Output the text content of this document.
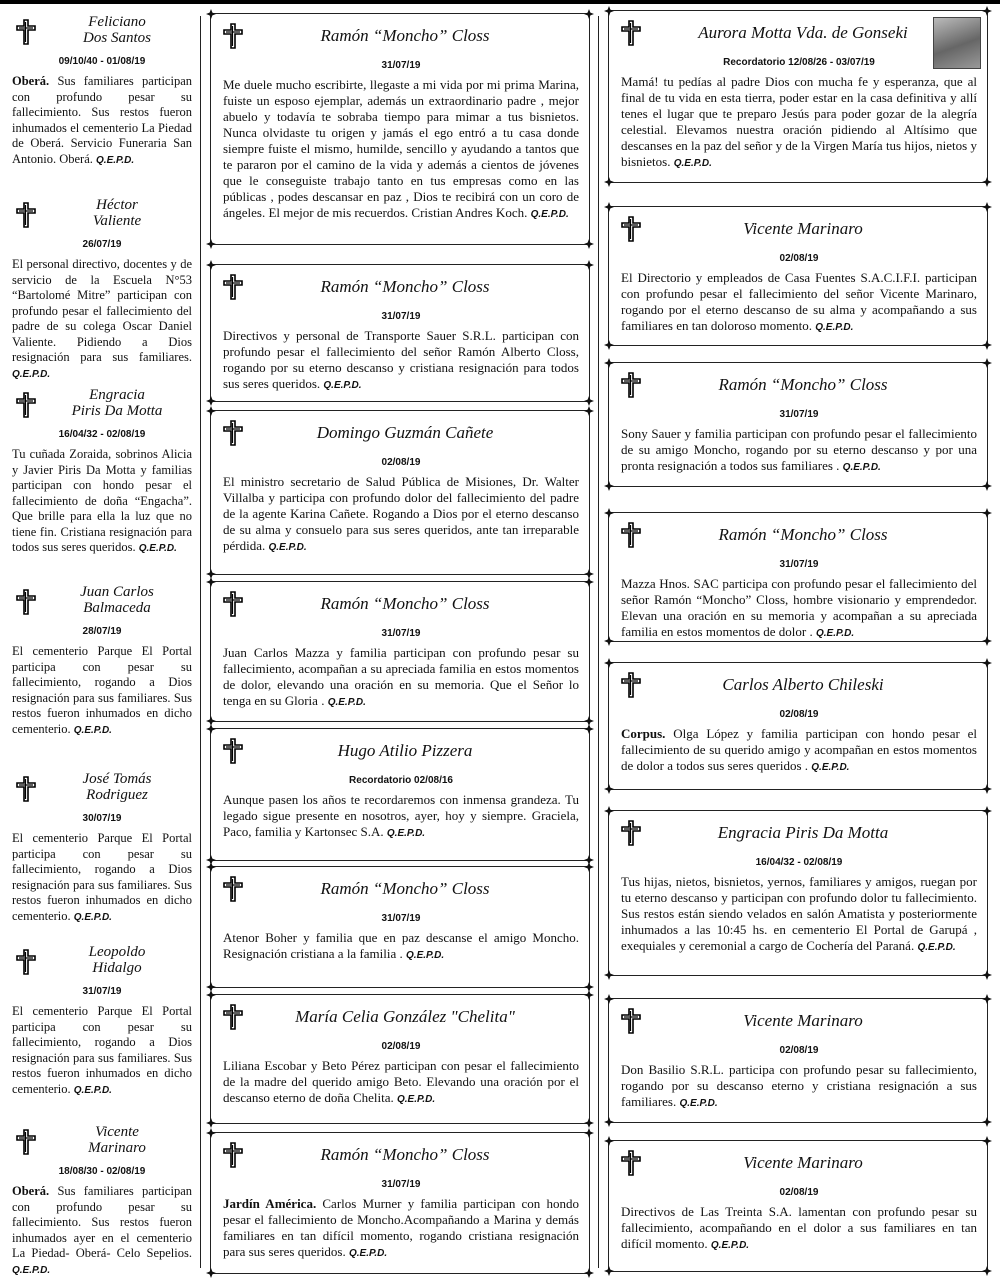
Feliciano
Dos Santos
09/10/40 - 01/08/19
Oberá. Sus familiares participan con profundo pesar su fallecimiento. Sus restos fueron inhumados el cementerio La Piedad de Oberá. Servicio Funeraria San Antonio. Oberá. Q.E.P.D.
Héctor
Valiente
26/07/19
El personal directivo, docentes y de servicio de la Escuela N°53 “Bartolomé Mitre” participan con profundo pesar el fallecimiento del padre de su colega Oscar Daniel Valiente. Pidiendo a Dios resignación para sus familiares. Q.E.P.D.
Engracia
Piris Da Motta
16/04/32 - 02/08/19
Tu cuñada Zoraida, sobrinos Alicia y Javier Piris Da Motta y familias participan con hondo pesar el fallecimiento de doña “Engacha”. Que brille para ella la luz que no tiene fin. Cristiana resignación para todos sus seres queridos. Q.E.P.D.
Juan Carlos
Balmaceda
28/07/19
El cementerio Parque El Portal participa con pesar su fallecimiento, rogando a Dios resignación para sus familiares. Sus restos fueron inhumados en dicho cementerio. Q.E.P.D.
José Tomás
Rodriguez
30/07/19
El cementerio Parque El Portal participa con pesar su fallecimiento, rogando a Dios resignación para sus familiares. Sus restos fueron inhumados en dicho cementerio. Q.E.P.D.
Leopoldo
Hidalgo
31/07/19
El cementerio Parque El Portal participa con pesar su fallecimiento, rogando a Dios resignación para sus familiares. Sus restos fueron inhumados en dicho cementerio. Q.E.P.D.
Vicente
Marinaro
18/08/30 - 02/08/19
Oberá. Sus familiares participan con profundo pesar su fallecimiento. Sus restos fueron inhumados ayer en el cementerio La Piedad- Oberá- Celo Sepelios. Q.E.P.D.
Ramón “Moncho” Closs
31/07/19
Me duele mucho escribirte, llegaste a mi vida por mi prima Marina, fuiste un esposo ejemplar, además un extraordinario padre , mejor abuelo y todavía te sobraba tiempo para mimar a tus bisnietos. Nunca olvidaste tu origen y jamás el ego entró a tu casa donde siempre fuiste el mismo, humilde, sencillo y ayudando a tantos que te pararon por el camino de la vida y además a cientos de jóvenes que le conseguiste trabajo tanto en tus empresas como en las públicas , podes descansar en paz , Dios te recibirá con un coro de ángeles. El mejor de mis recuerdos. Cristian Andres Koch. Q.E.P.D.
Ramón “Moncho” Closs
31/07/19
Directivos y personal de Transporte Sauer S.R.L. participan con profundo pesar el fallecimiento del señor Ramón Alberto Closs, rogando por su eterno descanso y cristiana resignación para todos sus seres queridos. Q.E.P.D.
Domingo Guzmán Cañete
02/08/19
El ministro secretario de Salud Pública de Misiones, Dr. Walter Villalba y participa con profundo dolor del fallecimiento del padre de la agente Karina Cañete. Rogando a Dios por el eterno descanso de su alma y consuelo para sus seres queridos, ante tan irreparable pérdida. Q.E.P.D.
Ramón “Moncho” Closs
31/07/19
Juan Carlos Mazza y familia participan con profundo pesar su fallecimiento, acompañan a su apreciada familia en estos momentos de dolor, elevando una oración en su memoria. Que el Señor lo tenga en su Gloria . Q.E.P.D.
Hugo Atilio Pizzera
Recordatorio 02/08/16
Aunque pasen los años te recordaremos con inmensa grandeza. Tu legado sigue presente en nosotros, ayer, hoy y siempre. Graciela, Paco, familia y Kartonsec S.A. Q.E.P.D.
Ramón “Moncho” Closs
31/07/19
Atenor Boher y familia que en paz descanse el amigo Moncho. Resignación cristiana a la familia . Q.E.P.D.
María Celia González "Chelita"
02/08/19
Liliana Escobar y Beto Pérez participan con pesar el fallecimiento de la madre del querido amigo Beto. Elevando una oración por el descanso eterno de doña Chelita. Q.E.P.D.
Ramón “Moncho” Closs
31/07/19
Jardín América. Carlos Murner y familia participan con hondo pesar el fallecimiento de Moncho.Acompañando a Marina y demás familiares en tan difícil momento, rogando cristiana resignación para sus seres queridos. Q.E.P.D.
Aurora Motta Vda. de Gonseki
Recordatorio 12/08/26 - 03/07/19
Mamá! tu pedías al padre Dios con mucha fe y esperanza, que al final de tu vida en esta tierra, poder estar en la casa definitiva y allí tenes el lugar que te preparo Jesús para poder gozar de la alegría celestial. Elevamos nuestra oración pidiendo al Altísimo que descanses en la paz del señor y de la Virgen María tus hijos, nietos y bisnietos. Q.E.P.D.
Vicente Marinaro
02/08/19
El Directorio y empleados de Casa Fuentes S.A.C.I.F.I. participan con profundo pesar el fallecimiento del señor Vicente Marinaro, rogando por el eterno descanso de su alma y acompañando a sus familiares en tan doloroso momento. Q.E.P.D.
Ramón “Moncho” Closs
31/07/19
Sony Sauer y familia participan con profundo pesar el fallecimiento de su amigo Moncho, rogando por su eterno descanso y por una pronta resignación a todos sus familiares . Q.E.P.D.
Ramón “Moncho” Closs
31/07/19
Mazza Hnos. SAC participa con profundo pesar el fallecimiento del señor Ramón “Moncho” Closs, hombre visionario y emprendedor. Elevan una oración en su memoria y acompañan a su apreciada familia en estos momentos de dolor . Q.E.P.D.
Carlos Alberto Chileski
02/08/19
Corpus. Olga López y familia participan con hondo pesar el fallecimiento de su querido amigo y acompañan en estos momentos de dolor a todos sus seres queridos . Q.E.P.D.
Engracia Piris Da Motta
16/04/32 - 02/08/19
Tus hijas, nietos, bisnietos, yernos, familiares y amigos, ruegan por tu eterno descanso y participan con profundo dolor tu fallecimiento. Sus restos están siendo velados en salón Amatista y posteriormente inhumados a las 10:45 hs. en cementerio El Portal de Garupá , exequiales y ceremonial a cargo de Cochería del Paraná. Q.E.P.D.
Vicente Marinaro
02/08/19
Don Basilio S.R.L. participa con profundo pesar su fallecimiento, rogando por su descanso eterno y cristiana resignación a sus familiares. Q.E.P.D.
Vicente Marinaro
02/08/19
Directivos de Las Treinta S.A. lamentan con profundo pesar su fallecimiento, acompañando en el dolor a sus familiares en tan difícil momento. Q.E.P.D.
